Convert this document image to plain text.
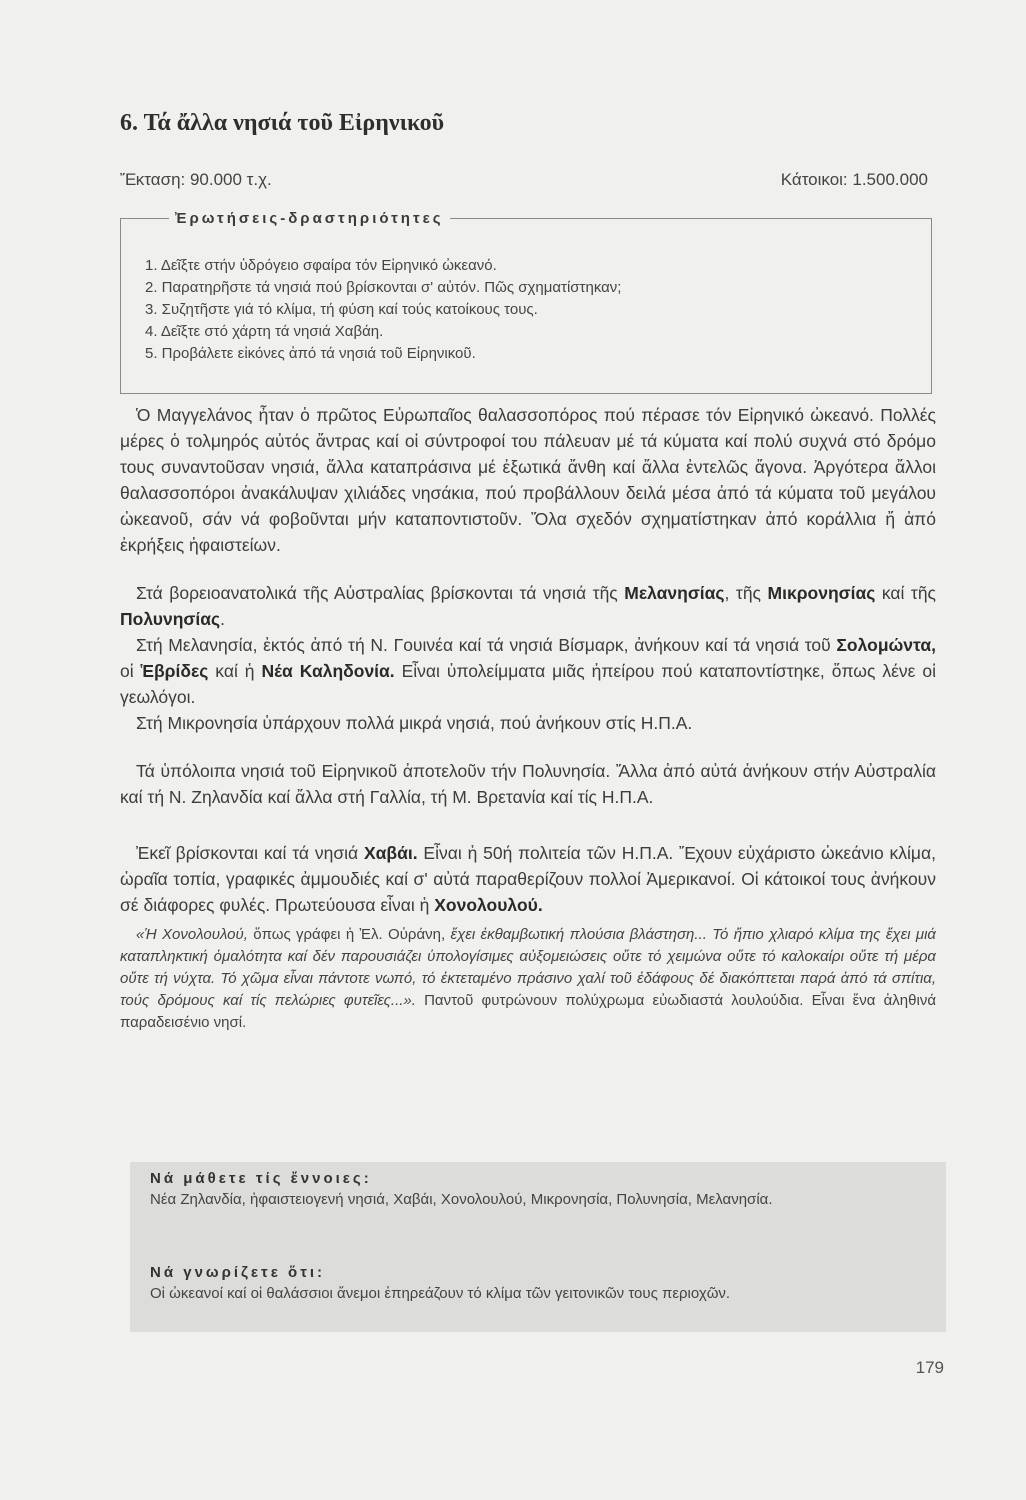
6. Τά ἄλλα νησιά τοῦ Εἰρηνικοῦ
Ἔκταση: 90.000 τ.χ.	Κάτοικοι: 1.500.000
Ἐρωτήσεις-δραστηριότητες
1. Δεῖξτε στήν ὑδρόγειο σφαίρα τόν Εἰρηνικό ὠκεανό.
2. Παρατηρῆστε τά νησιά πού βρίσκονται σ' αὐτόν. Πῶς σχηματίστηκαν;
3. Συζητῆστε γιά τό κλίμα, τή φύση καί τούς κατοίκους τους.
4. Δεῖξτε στό χάρτη τά νησιά Χαβάη.
5. Προβάλετε εἰκόνες ἀπό τά νησιά τοῦ Εἰρηνικοῦ.

Ὁ Μαγγελάνος ἦταν ὁ πρῶτος Εὐρωπαῖος θαλασσοπόρος πού πέρασε τόν Εἰρηνικό ὠκεανό. Πολλές μέρες ὁ τολμηρός αὐτός ἄντρας καί οἱ σύντροφοί του πάλευαν μέ τά κύματα καί πολύ συχνά στό δρόμο τους συναντοῦσαν νησιά, ἄλλα καταπράσινα μέ ἐξωτικά ἄνθη καί ἄλλα ἐντελῶς ἄγονα. Ἀργότερα ἄλλοι θαλασσοπόροι ἀνακάλυψαν χιλιάδες νησάκια, πού προβάλλουν δειλά μέσα ἀπό τά κύματα τοῦ μεγάλου ὠκεανοῦ, σάν νά φοβοῦνται μήν καταποντιστοῦν. Ὅλα σχεδόν σχηματίστηκαν ἀπό κοράλλια ἤ ἀπό ἐκρήξεις ἡφαιστείων.

Στά βορειοανατολικά τῆς Αὐστραλίας βρίσκονται τά νησιά τῆς Μελανησίας, τῆς Μικρονησίας καί τῆς Πολυνησίας.

Στή Μελανησία, ἐκτός ἀπό τή Ν. Γουινέα καί τά νησιά Βίσμαρκ, ἀνήκουν καί τά νησιά τοῦ Σολομώντα, οἱ Ἑβρίδες καί ἡ Νέα Καληδονία. Εἶναι ὑπολείμματα μιᾶς ἠπείρου πού καταποντίστηκε, ὅπως λένε οἱ γεωλόγοι.

Στή Μικρονησία ὑπάρχουν πολλά μικρά νησιά, πού ἀνήκουν στίς Η.Π.Α.

Τά ὑπόλοιπα νησιά τοῦ Εἰρηνικοῦ ἀποτελοῦν τήν Πολυνησία. Ἄλλα ἀπό αὐτά ἀνήκουν στήν Αὐστραλία καί τή Ν. Ζηλανδία καί ἄλλα στή Γαλλία, τή Μ. Βρετανία καί τίς Η.Π.Α.

Ἐκεῖ βρίσκονται καί τά νησιά Χαβάι. Εἶναι ἡ 50ή πολιτεία τῶν Η.Π.Α. Ἔχουν εὐχάριστο ὠκεάνιο κλίμα, ὡραῖα τοπία, γραφικές ἀμμουδιές καί σ' αὐτά παραθερίζουν πολλοί Ἀμερικανοί. Οἱ κάτοικοί τους ἀνήκουν σέ διάφορες φυλές. Πρωτεύουσα εἶναι ἡ Χονολουλού.

«Ἡ Χονολουλού, ὅπως γράφει ἡ Ἐλ. Οὐράνη, ἔχει ἐκθαμβωτική πλούσια βλάστηση... Τό ἤπιο χλιαρό κλίμα της ἔχει μιά καταπληκτική ὁμαλότητα καί δέν παρουσιάζει ὑπολογίσιμες αὐξομειώσεις οὔτε τό χειμώνα οὔτε τό καλοκαίρι οὔτε τή μέρα οὔτε τή νύχτα. Τό χῶμα εἶναι πάντοτε νωπό, τό ἐκτεταμένο πράσινο χαλί τοῦ ἐδάφους δέ διακόπτεται παρά ἀπό τά σπίτια, τούς δρόμους καί τίς πελώριες φυτεῖες...». Παντοῦ φυτρώνουν πολύχρωμα εὐωδιαστά λουλούδια. Εἶναι ἕνα ἀληθινά παραδεισένιο νησί.

Νά μάθετε τίς ἔννοιες:

Νέα Ζηλανδία, ἡφαιστειογενή νησιά, Χαβάι, Χονολουλού, Μικρονησία, Πολυνησία, Μελανησία.

Νά γνωρίζετε ὅτι:

Οἱ ὠκεανοί καί οἱ θαλάσσιοι ἄνεμοι ἐπηρεάζουν τό κλίμα τῶν γειτονικῶν τους περιοχῶν.

179
